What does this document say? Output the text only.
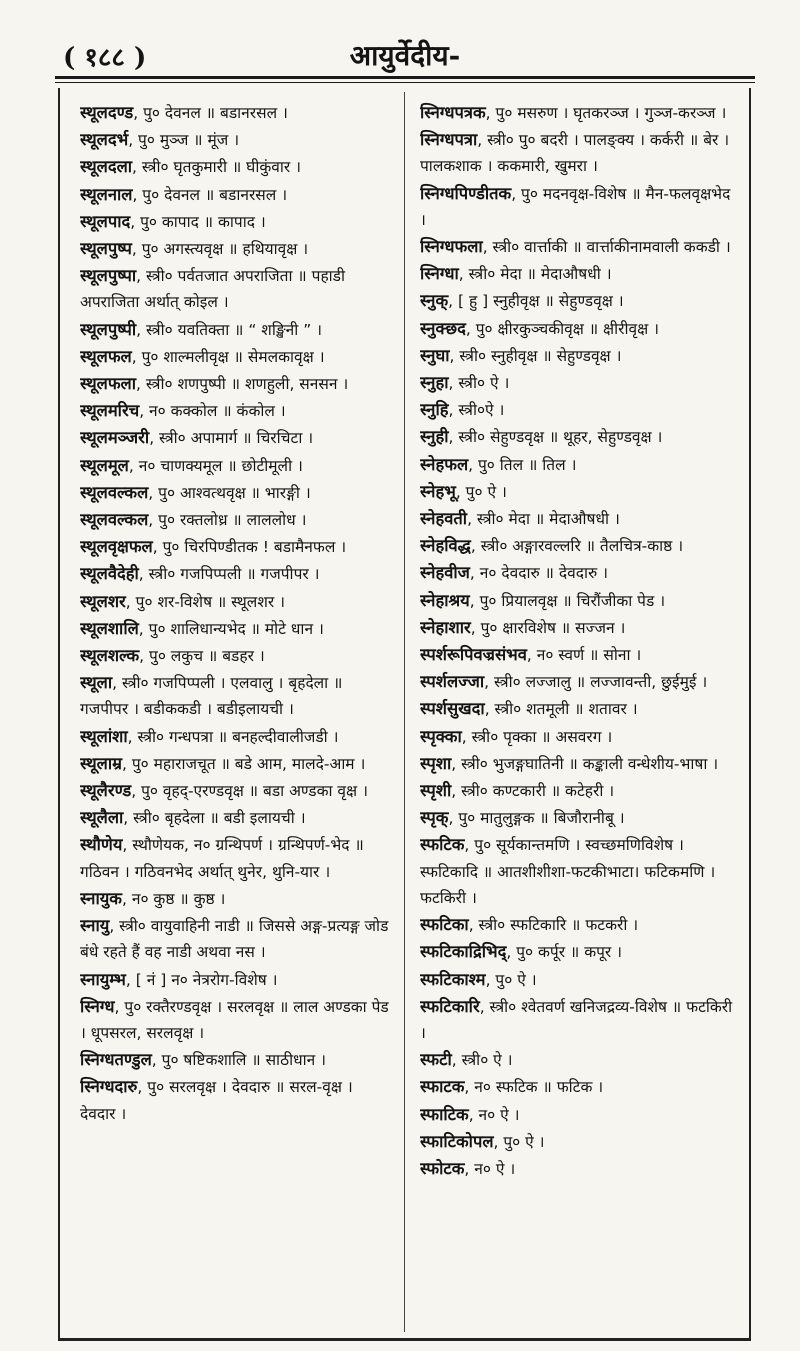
( १८८ )	आयुर्वेदीय-
स्थूलदण्ड, पु० देवनल ॥ बडानरसल ।
स्थूलदर्भ, पु० मुञ्ज ॥ मूंज ।
स्थूलदला, स्त्री० घृतकुमारी ॥ घीकुंवार ।
स्थूलनाल, पु० देवनल ॥ बडानरसल ।
स्थूलपाद, पु० कापाद ॥ कापाद ।
स्थूलपुष्प, पु० अगस्त्यवृक्ष ॥ हथियावृक्ष ।
स्थूलपुष्पा, स्त्री० पर्वतजात अपराजिता ॥ पहाडी अपराजिता अर्थात् कोइल ।
स्थूलपुष्पी, स्त्री० यवतिक्ता ॥ “ शङ्खिनी ” ।
स्थूलफल, पु० शाल्मलीवृक्ष ॥ सेमलकावृक्ष ।
स्थूलफला, स्त्री० शणपुष्पी ॥ शणहुली, सनसन ।
स्थूलमरिच, न० कक्कोल ॥ कंकोल ।
स्थूलमञ्जरी, स्त्री० अपामार्ग ॥ चिरचिटा ।
स्थूलमूल, न० चाणक्यमूल ॥ छोटीमूली ।
स्थूलवल्कल, पु० आश्वत्थवृक्ष ॥ भारङ्गी ।
स्थूलवल्कल, पु० रक्तलोध्र ॥ लाललोध ।
स्थूलवृक्षफल, पु० चिरपिण्डीतक ! बडामैनफल ।
स्थूलवैदेही, स्त्री० गजपिप्पली ॥ गजपीपर ।
स्थूलशर, पु० शर-विशेष ॥ स्थूलशर ।
स्थूलशालि, पु० शालिधान्यभेद ॥ मोटे धान ।
स्थूलशल्क, पु० लकुच ॥ बडहर ।
स्थूला, स्त्री० गजपिप्पली । एलवालु । बृहदेला ॥ गजपीपर । बडीककडी । बडीइलायची ।
स्थूलांशा, स्त्री० गन्धपत्रा ॥ बनहल्दीवालीजडी ।
स्थूलाम्र, पु० महाराजचूत ॥ बडे आम, मालदे-आम ।
स्थूलैरण्ड, पु० वृहद्-एरण्डवृक्ष ॥ बडा अण्डका वृक्ष ।
स्थूलैला, स्त्री० बृहदेला ॥ बडी इलायची ।
स्थौणेय, स्थौणेयक, न० ग्रन्थिपर्ण । ग्रन्थिपर्ण-भेद ॥ गठिवन । गठिवनभेद अर्थात् थुनेर, थुनि-यार ।
स्नायुक, न० कुष्ठ ॥ कुष्ठ ।
स्नायु, स्त्री० वायुवाहिनी नाडी ॥ जिससे अङ्ग-प्रत्यङ्ग जोड बंधे रहते हैं वह नाडी अथवा नस ।
स्नायुम्भ, [ नं ] न० नेत्ररोग-विशेष ।
स्निग्ध, पु० रक्तैरण्डवृक्ष । सरलवृक्ष ॥ लाल अण्डका पेड । धूपसरल, सरलवृक्ष ।
स्निग्धतण्डुल, पु० षष्टिकशालि ॥ साठीधान ।
स्निग्धदारु, पु० सरलवृक्ष । देवदारु ॥ सरल-वृक्ष । देवदार ।
स्निग्धपत्रक, पु० मसरुण । घृतकरञ्ज । गुञ्ज-करञ्ज ।
स्निग्धपत्रा, स्त्री० पु० बदरी । पालङ्क्य । कर्करी ॥ बेर । पालकशाक । ककमारी, खुमरा ।
स्निग्धपिण्डीतक, पु० मदनवृक्ष-विशेष ॥ मैन-फलवृक्षभेद ।
स्निग्धफला, स्त्री० वार्त्ताकी ॥ वार्त्ताकीनामवाली ककडी ।
स्निग्धा, स्त्री० मेदा ॥ मेदाऔषधी ।
स्नुक्, [ हु ] स्नुहीवृक्ष ॥ सेहुण्डवृक्ष ।
स्नुक्छद, पु० क्षीरकुञ्चकीवृक्ष ॥ क्षीरीवृक्ष ।
स्नुघा, स्त्री० स्नुहीवृक्ष ॥ सेहुण्डवृक्ष ।
स्नुहा, स्त्री० ऐ ।
स्नुहि, स्त्री०ऐ ।
स्नुही, स्त्री० सेहुण्डवृक्ष ॥ थूहर, सेहुण्डवृक्ष ।
स्नेहफल, पु० तिल ॥ तिल ।
स्नेहभू, पु० ऐ ।
स्नेहवती, स्त्री० मेदा ॥ मेदाऔषधी ।
स्नेहविद्ध, स्त्री० अङ्गारवल्लरि ॥ तैलचित्र-काष्ठ ।
स्नेहवीज, न० देवदारु ॥ देवदारु ।
स्नेहाश्रय, पु० प्रियालवृक्ष ॥ चिरौंजीका पेड ।
स्नेहाशार, पु० क्षारविशेष ॥ सज्जन ।
स्पर्शरूपिवज्रसंभव, न० स्वर्ण ॥ सोना ।
स्पर्शलज्जा, स्त्री० लज्जालु ॥ लज्जावन्ती, छुईमुई ।
स्पर्शसुखदा, स्त्री० शतमूली ॥ शतावर ।
स्पृक्का, स्त्री० पृक्का ॥ असवरग ।
स्पृशा, स्त्री० भुजङ्गघातिनी ॥ कङ्काली वन्धेशीय-भाषा ।
स्पृशी, स्त्री० कण्टकारी ॥ कटेहरी ।
स्पृक्, पु० मातुलुङ्गक ॥ बिजौरानीबू ।
स्फटिक, पु० सूर्यकान्तमणि । स्वच्छमणिविशेष । स्फटिकादि ॥ आतशीशीशा-फटकीभाटा। फटिकमणि । फटकिरी ।
स्फटिका, स्त्री० स्फटिकारि ॥ फटकरी ।
स्फटिकाद्रिभिद्, पु० कर्पूर ॥ कपूर ।
स्फटिकाश्म, पु० ऐ ।
स्फटिकारि, स्त्री० श्वेतवर्ण खनिजद्रव्य-विशेष ॥ फटकिरी ।
स्फटी, स्त्री० ऐ ।
स्फाटक, न० स्फटिक ॥ फटिक ।
स्फाटिक, न० ऐ ।
स्फाटिकोपल, पु० ऐ ।
स्फोटक, न० ऐ ।
